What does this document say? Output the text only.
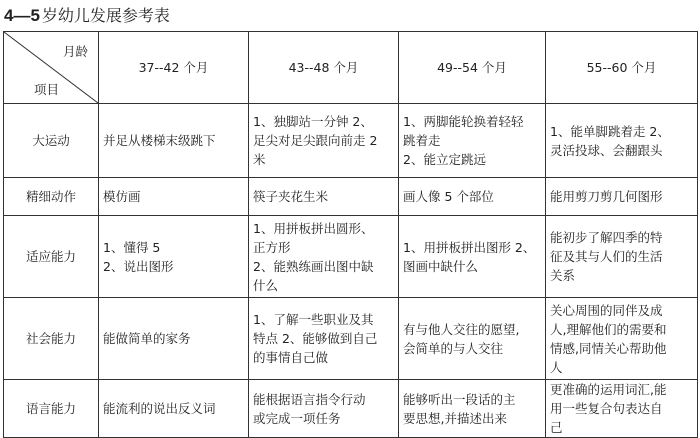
4—5 岁幼儿发展参考表
月龄
项目	37--42 个月	43--48 个月	49--54 个月	55--60 个月
大运动	并足从楼梯末级跳下	1、独脚站一分钟 2、
足尖对足尖跟向前走 2
米	1、两脚能轮换着轻轻
跳着走
2、能立定跳远	1、能单脚跳着走 2、
灵活投球、会翻跟头

精细动作	模仿画	筷子夹花生米	画人像 5 个部位	能用剪刀剪几何图形

适应能力	1、懂得 5
2、说出图形	1、用拼板拼出圆形、
正方形
2、能熟练画出图中缺
什么	1、用拼板拼出图形 2、
图画中缺什么	能初步了解四季的特
征及其与人们的生活
关系

社会能力	能做简单的家务	1、了解一些职业及其
特点 2、能够做到自己
的事情自己做	有与他人交往的愿望,
会简单的与人交往	关心周围的同伴及成
人,理解他们的需要和
情感,同情关心帮助他
人

语言能力	能流利的说出反义词	能根据语言指令行动
或完成一项任务	能够听出一段话的主
要思想,并描述出来	更准确的运用词汇,能
用一些复合句表达自
己
